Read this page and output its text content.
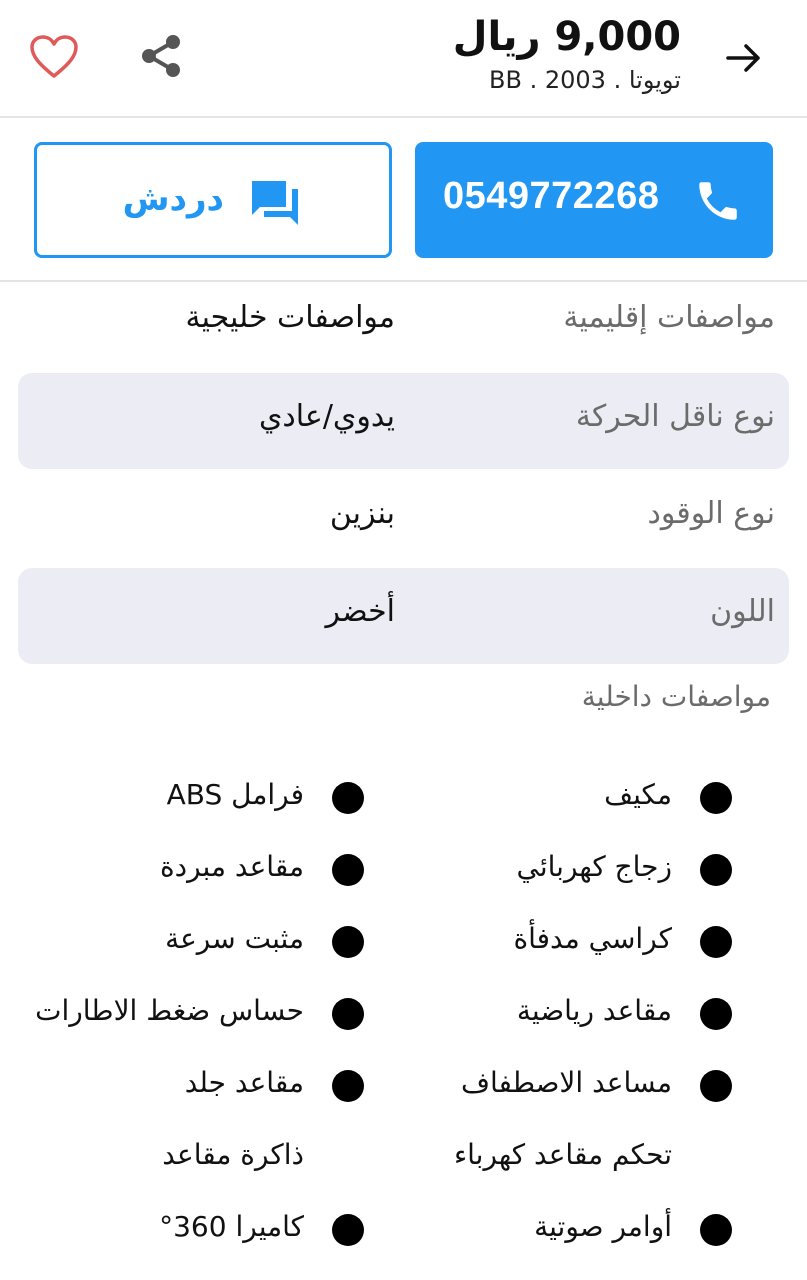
9,000 ريال
تويوتا . 2003 . BB
0549772268
دردش
مواصفات إقليمية
مواصفات خليجية
نوع ناقل الحركة
يدوي/عادي
نوع الوقود
بنزين
اللون
أخضر
مواصفات داخلية
مكيف
زجاج كهربائي
كراسي مدفأة
مقاعد رياضية
مساعد الاصطفاف
تحكم مقاعد كهرباء
أوامر صوتية
فرامل ABS
مقاعد مبردة
مثبت سرعة
حساس ضغط الاطارات
مقاعد جلد
ذاكرة مقاعد
كاميرا 360°
